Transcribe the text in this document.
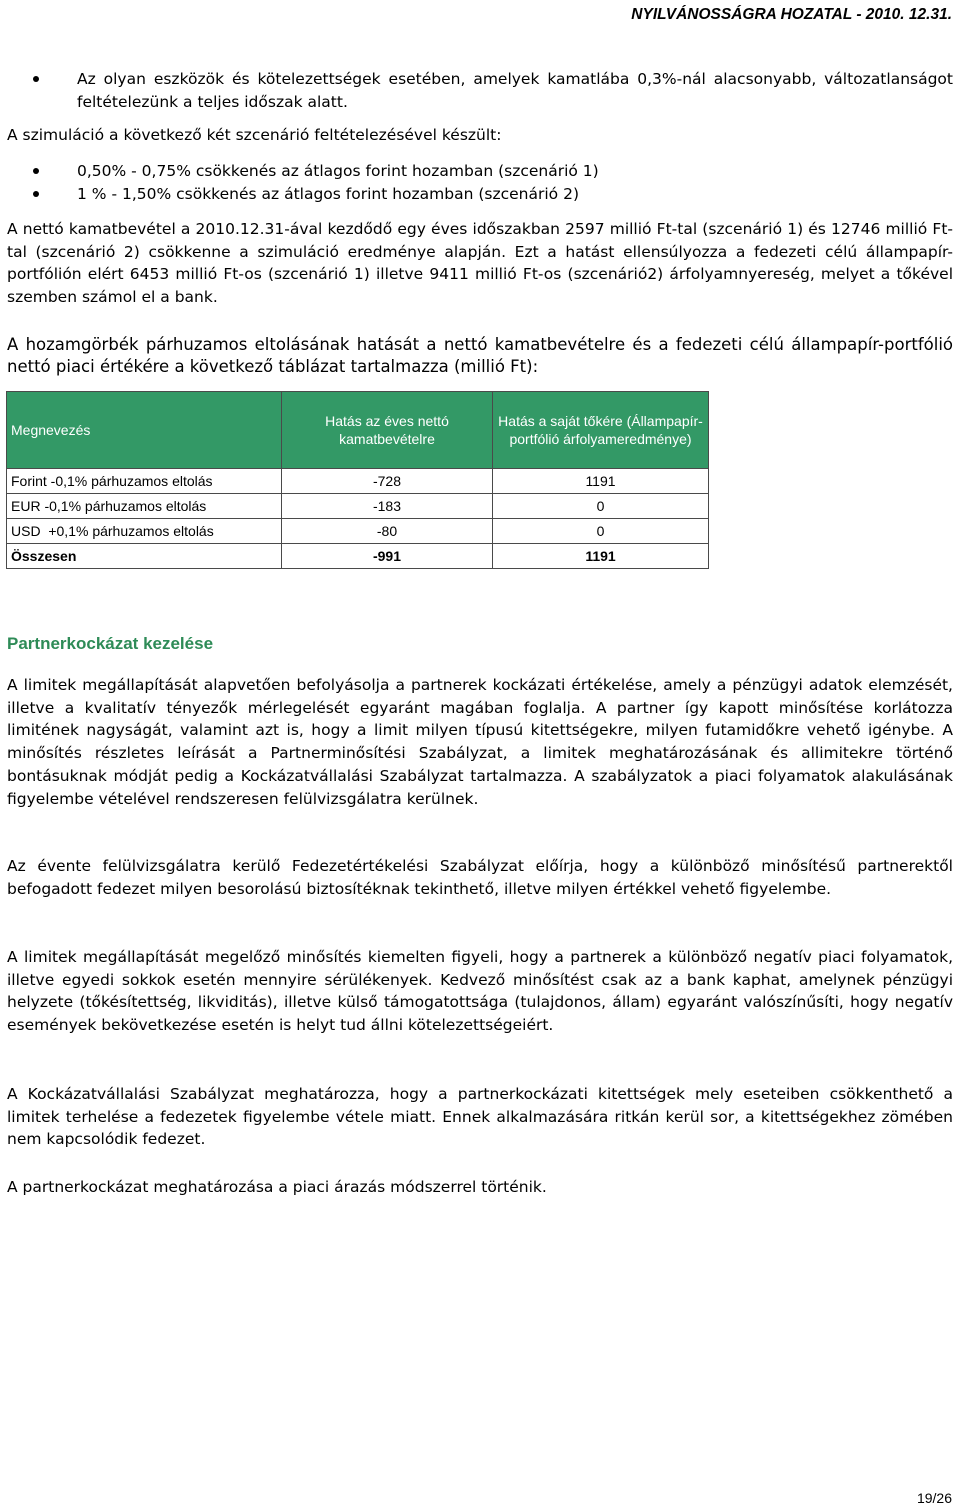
NYILVÁNOSSÁGRA HOZATAL - 2010. 12.31.
Az olyan eszközök és kötelezettségek esetében, amelyek kamatlába 0,3%-nál alacsonyabb, változatlanságot feltételezünk a teljes időszak alatt.
A szimuláció a következő két szcenárió feltételezésével készült:
0,50% - 0,75% csökkenés az átlagos forint hozamban (szcenárió 1)
1 % - 1,50% csökkenés az átlagos forint hozamban (szcenárió 2)
A nettó kamatbevétel a 2010.12.31-ával kezdődő egy éves időszakban 2597 millió Ft-tal (szcenárió 1) és 12746 millió Ft-tal (szcenárió 2) csökkenne a szimuláció eredménye alapján. Ezt a hatást ellensúlyozza a fedezeti célú állampapír-portfólión elért 6453 millió Ft-os (szcenárió 1) illetve 9411 millió Ft-os (szcenárió2) árfolyamnyereség, melyet a tőkével szemben számol el a bank.
A hozamgörbék párhuzamos eltolásának hatását a nettó kamatbevételre és a fedezeti célú állampapír-portfólió nettó piaci értékére a következő táblázat tartalmazza (millió Ft):
Megnevezés	Hatás az éves nettó kamatbevételre	Hatás a saját tőkére (Állampapír-portfólió árfolyameredménye)
Forint -0,1% párhuzamos eltolás	-728	1191
EUR -0,1% párhuzamos eltolás	-183	0
USD  +0,1% párhuzamos eltolás	-80	0
Összesen	-991	1191
Partnerkockázat kezelése
A limitek megállapítását alapvetően befolyásolja a partnerek kockázati értékelése, amely a pénzügyi adatok elemzését, illetve a kvalitatív tényezők mérlegelését egyaránt magában foglalja. A partner így kapott minősítése korlátozza limitének nagyságát, valamint azt is, hogy a limit milyen típusú kitettségekre, milyen futamidőkre vehető igénybe. A minősítés részletes leírását a Partnerminősítési Szabályzat, a limitek meghatározásának és allimitekre történő bontásuknak módját pedig a Kockázatvállalási Szabályzat tartalmazza. A szabályzatok a piaci folyamatok alakulásának figyelembe vételével rendszeresen felülvizsgálatra kerülnek.
Az évente felülvizsgálatra kerülő Fedezetértékelési Szabályzat előírja, hogy a különböző minősítésű partnerektől befogadott fedezet milyen besorolású biztosítéknak tekinthető, illetve milyen értékkel vehető figyelembe.
A limitek megállapítását megelőző minősítés kiemelten figyeli, hogy a partnerek a különböző negatív piaci folyamatok, illetve egyedi sokkok esetén mennyire sérülékenyek. Kedvező minősítést csak az a bank kaphat, amelynek pénzügyi helyzete (tőkésítettség, likviditás), illetve külső támogatottsága (tulajdonos, állam) egyaránt valószínűsíti, hogy negatív események bekövetkezése esetén is helyt tud állni kötelezettségeiért.
A Kockázatvállalási Szabályzat meghatározza, hogy a partnerkockázati kitettségek mely eseteiben csökkenthető a limitek terhelése a fedezetek figyelembe vétele miatt. Ennek alkalmazására ritkán kerül sor, a kitettségekhez zömében nem kapcsolódik fedezet.
A partnerkockázat meghatározása a piaci árazás módszerrel történik.
19/26
